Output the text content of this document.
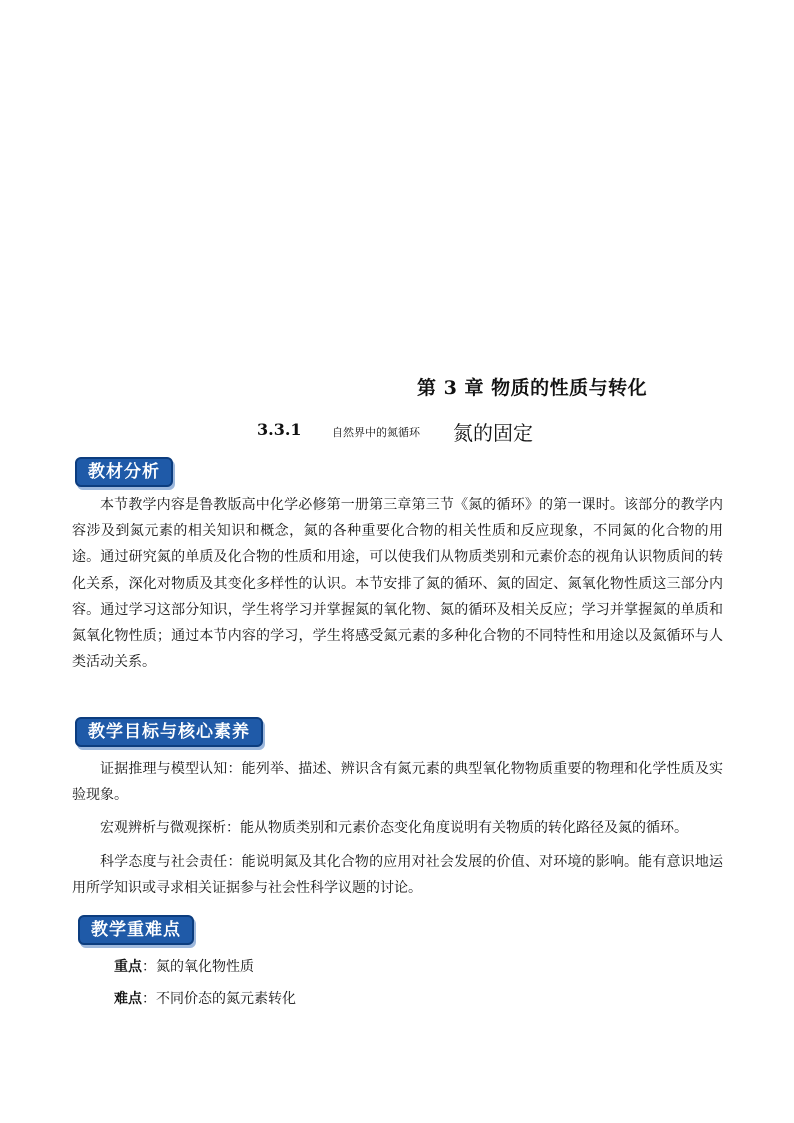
第 3 章 物质的性质与转化
3.3.1	自然界中的氮循环 氮的固定
教材分析

本节教学内容是鲁教版高中化学必修第一册第三章第三节《氮的循环》的第一课时。该部分的教学内容涉及到氮元素的相关知识和概念，氮的各种重要化合物的相关性质和反应现象，不同氮的化合物的用途。通过研究氮的单质及化合物的性质和用途，可以使我们从物质类别和元素价态的视角认识物质间的转化关系，深化对物质及其变化多样性的认识。本节安排了氮的循环、氮的固定、氮氧化物性质这三部分内容。通过学习这部分知识，学生将学习并掌握氮的氧化物、氮的循环及相关反应；学习并掌握氮的单质和氮氧化物性质；通过本节内容的学习，学生将感受氮元素的多种化合物的不同特性和用途以及氮循环与人类活动关系。

教学目标与核心素养

证据推理与模型认知：能列举、描述、辨识含有氮元素的典型氧化物物质重要的物理和化学性质及实验现象。

宏观辨析与微观探析：能从物质类别和元素价态变化角度说明有关物质的转化路径及氮的循环。

科学态度与社会责任：能说明氮及其化合物的应用对社会发展的价值、对环境的影响。能有意识地运用所学知识或寻求相关证据参与社会性科学议题的讨论。

教学重难点
重点：氮的氧化物性质
难点：不同价态的氮元素转化
